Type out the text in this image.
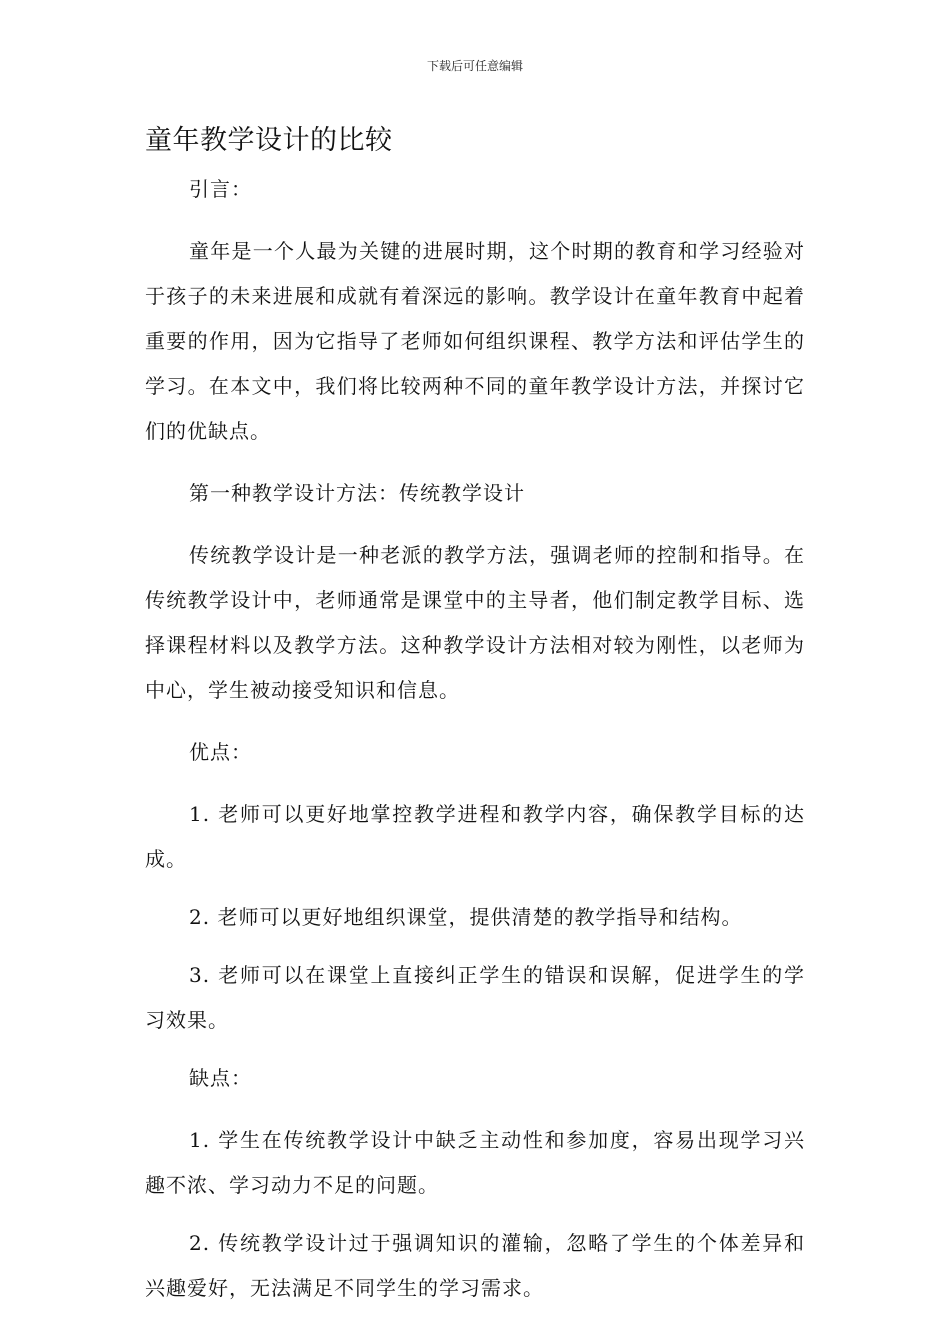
下载后可任意编辑
童年教学设计的比较

引言：

童年是一个人最为关键的进展时期，这个时期的教育和学习经验对于孩子的未来进展和成就有着深远的影响。教学设计在童年教育中起着重要的作用，因为它指导了老师如何组织课程、教学方法和评估学生的学习。在本文中，我们将比较两种不同的童年教学设计方法，并探讨它们的优缺点。

第一种教学设计方法：传统教学设计

传统教学设计是一种老派的教学方法，强调老师的控制和指导。在传统教学设计中，老师通常是课堂中的主导者，他们制定教学目标、选择课程材料以及教学方法。这种教学设计方法相对较为刚性，以老师为中心，学生被动接受知识和信息。

优点：

1. 老师可以更好地掌控教学进程和教学内容，确保教学目标的达成。

2. 老师可以更好地组织课堂，提供清楚的教学指导和结构。

3. 老师可以在课堂上直接纠正学生的错误和误解，促进学生的学习效果。

缺点：

1. 学生在传统教学设计中缺乏主动性和参加度，容易出现学习兴趣不浓、学习动力不足的问题。

2. 传统教学设计过于强调知识的灌输，忽略了学生的个体差异和兴趣爱好，无法满足不同学生的学习需求。
